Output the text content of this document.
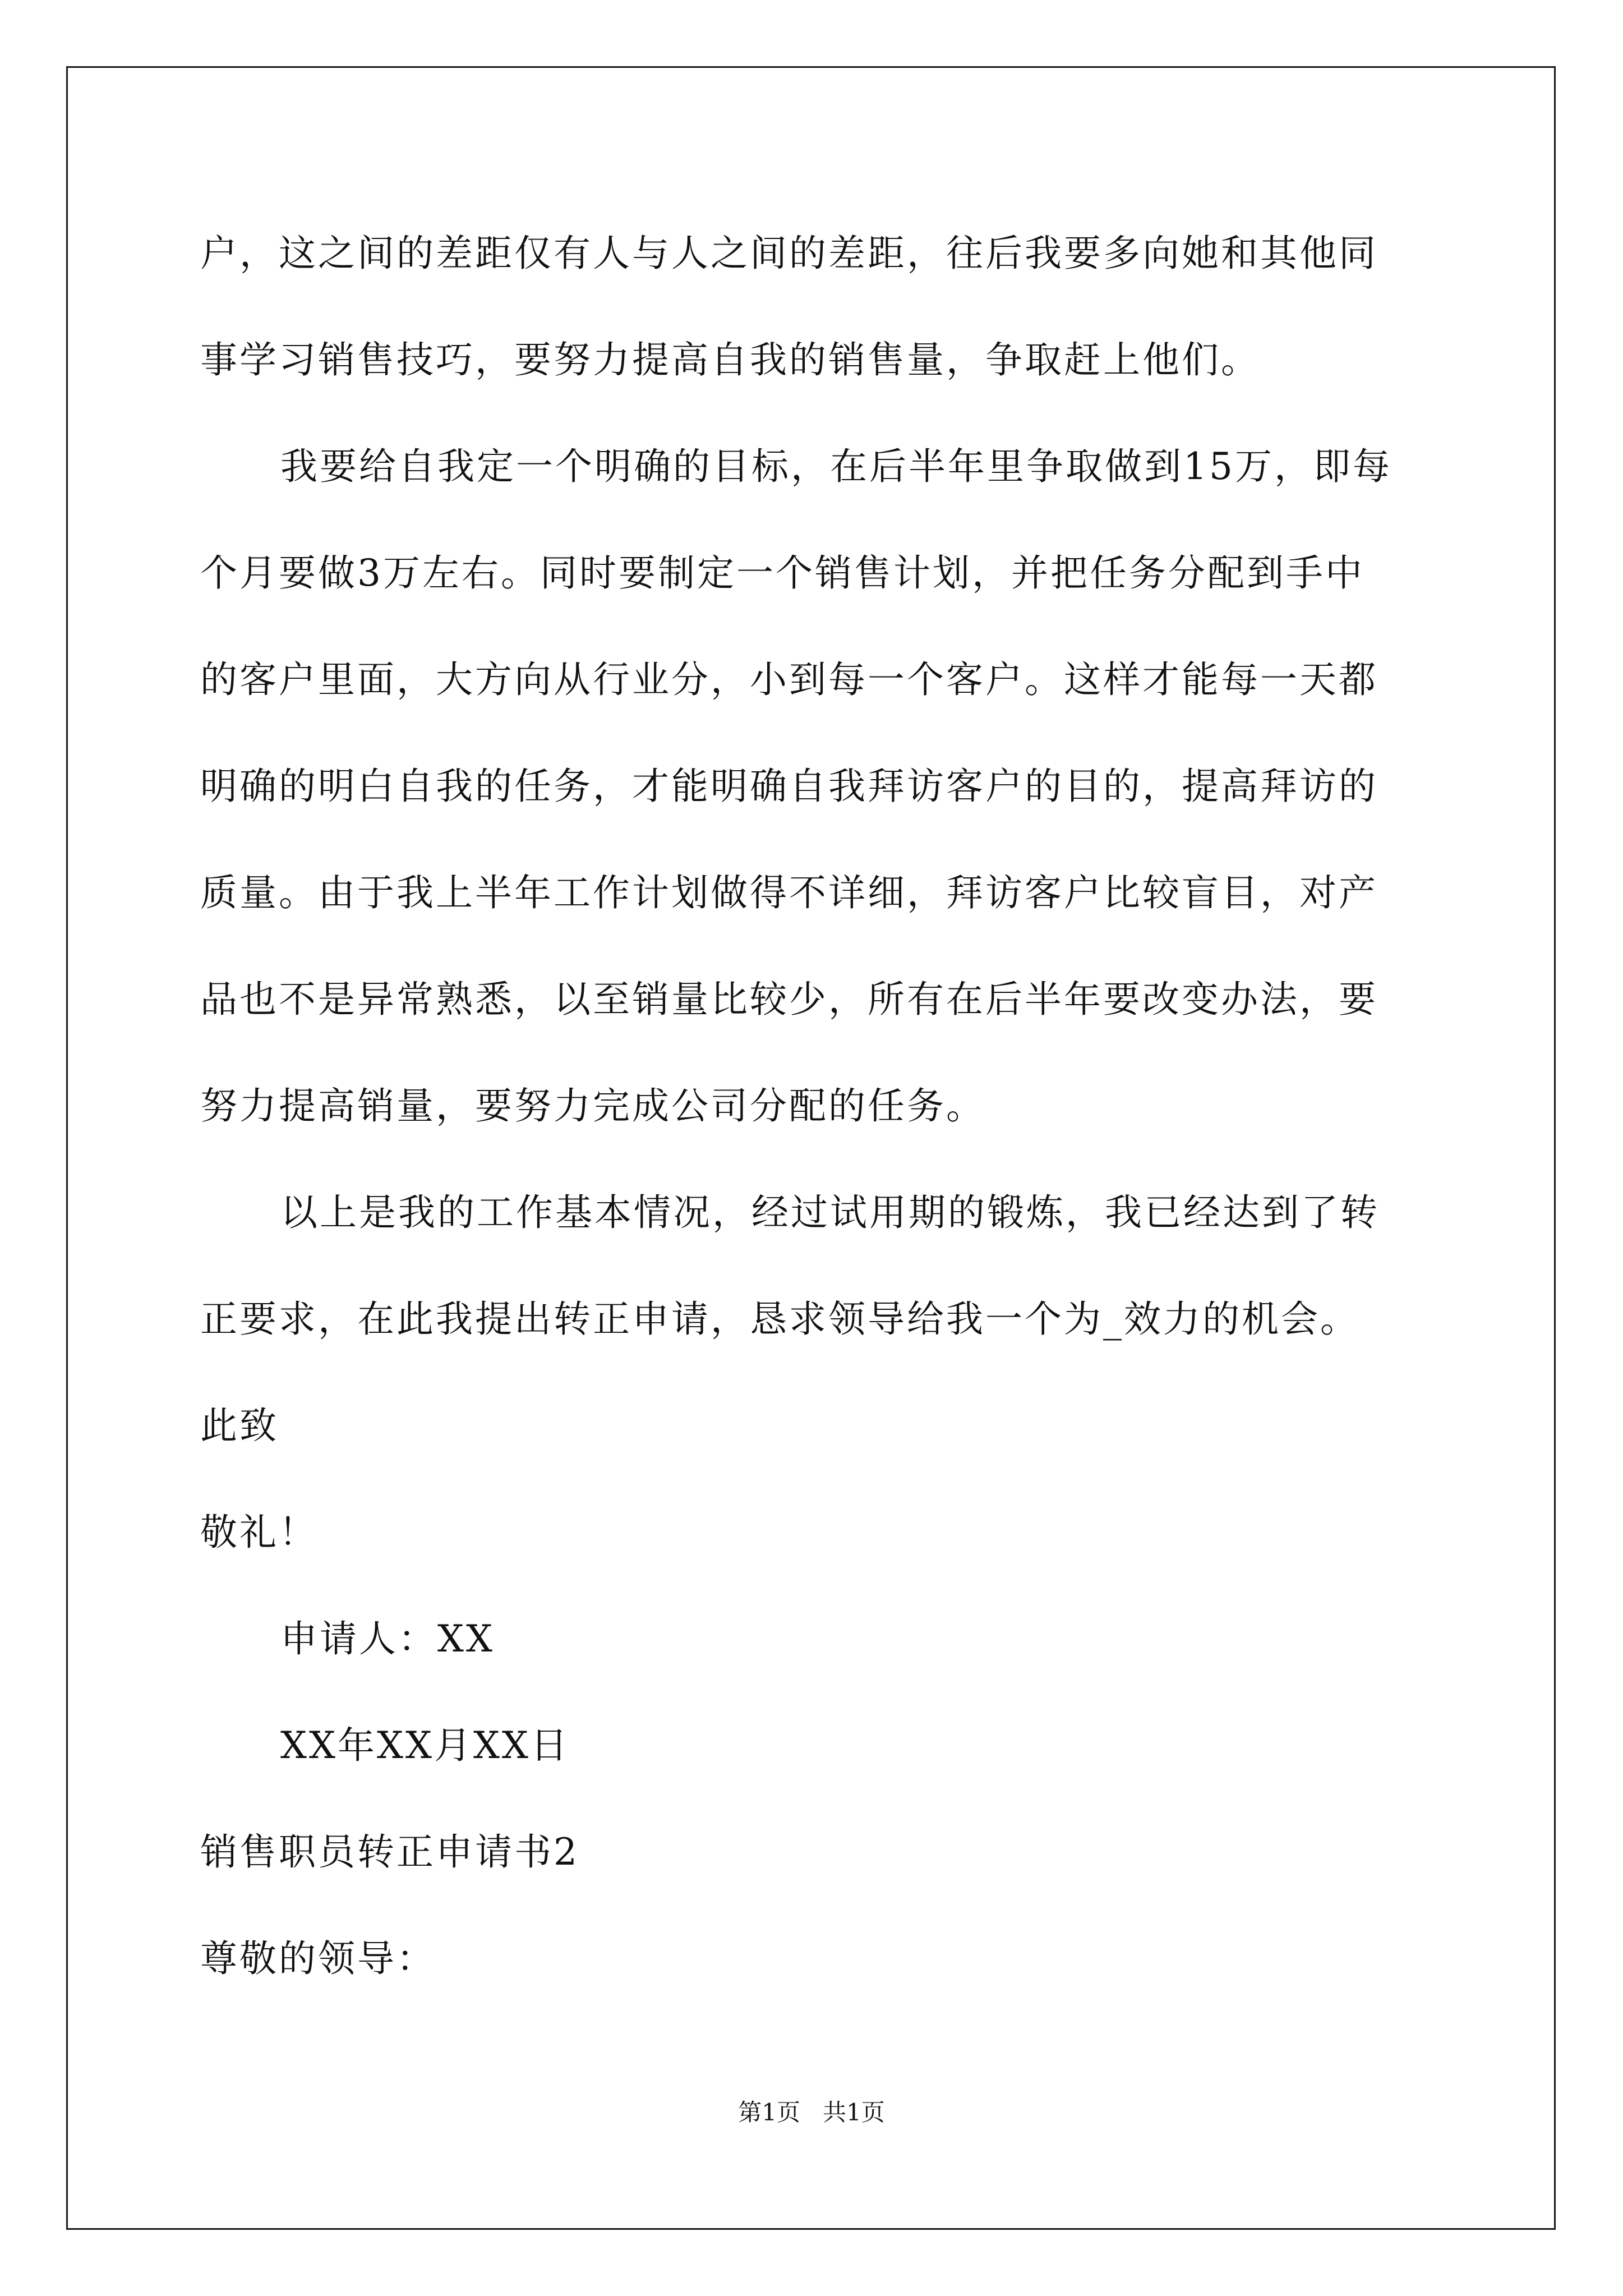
户，这之间的差距仅有人与人之间的差距，往后我要多向她和其他同
事学习销售技巧，要努力提高自我的销售量，争取赶上他们。
我要给自我定一个明确的目标，在后半年里争取做到15万，即每
个月要做3万左右。同时要制定一个销售计划，并把任务分配到手中
的客户里面，大方向从行业分，小到每一个客户。这样才能每一天都
明确的明白自我的任务，才能明确自我拜访客户的目的，提高拜访的
质量。由于我上半年工作计划做得不详细，拜访客户比较盲目，对产
品也不是异常熟悉，以至销量比较少，所有在后半年要改变办法，要
努力提高销量，要努力完成公司分配的任务。
以上是我的工作基本情况，经过试用期的锻炼，我已经达到了转
正要求，在此我提出转正申请，恳求领导给我一个为_效力的机会。
此致
敬礼！
申请人：XX
XX年XX月XX日
销售职员转正申请书2
尊敬的领导：
第1页   共1页
